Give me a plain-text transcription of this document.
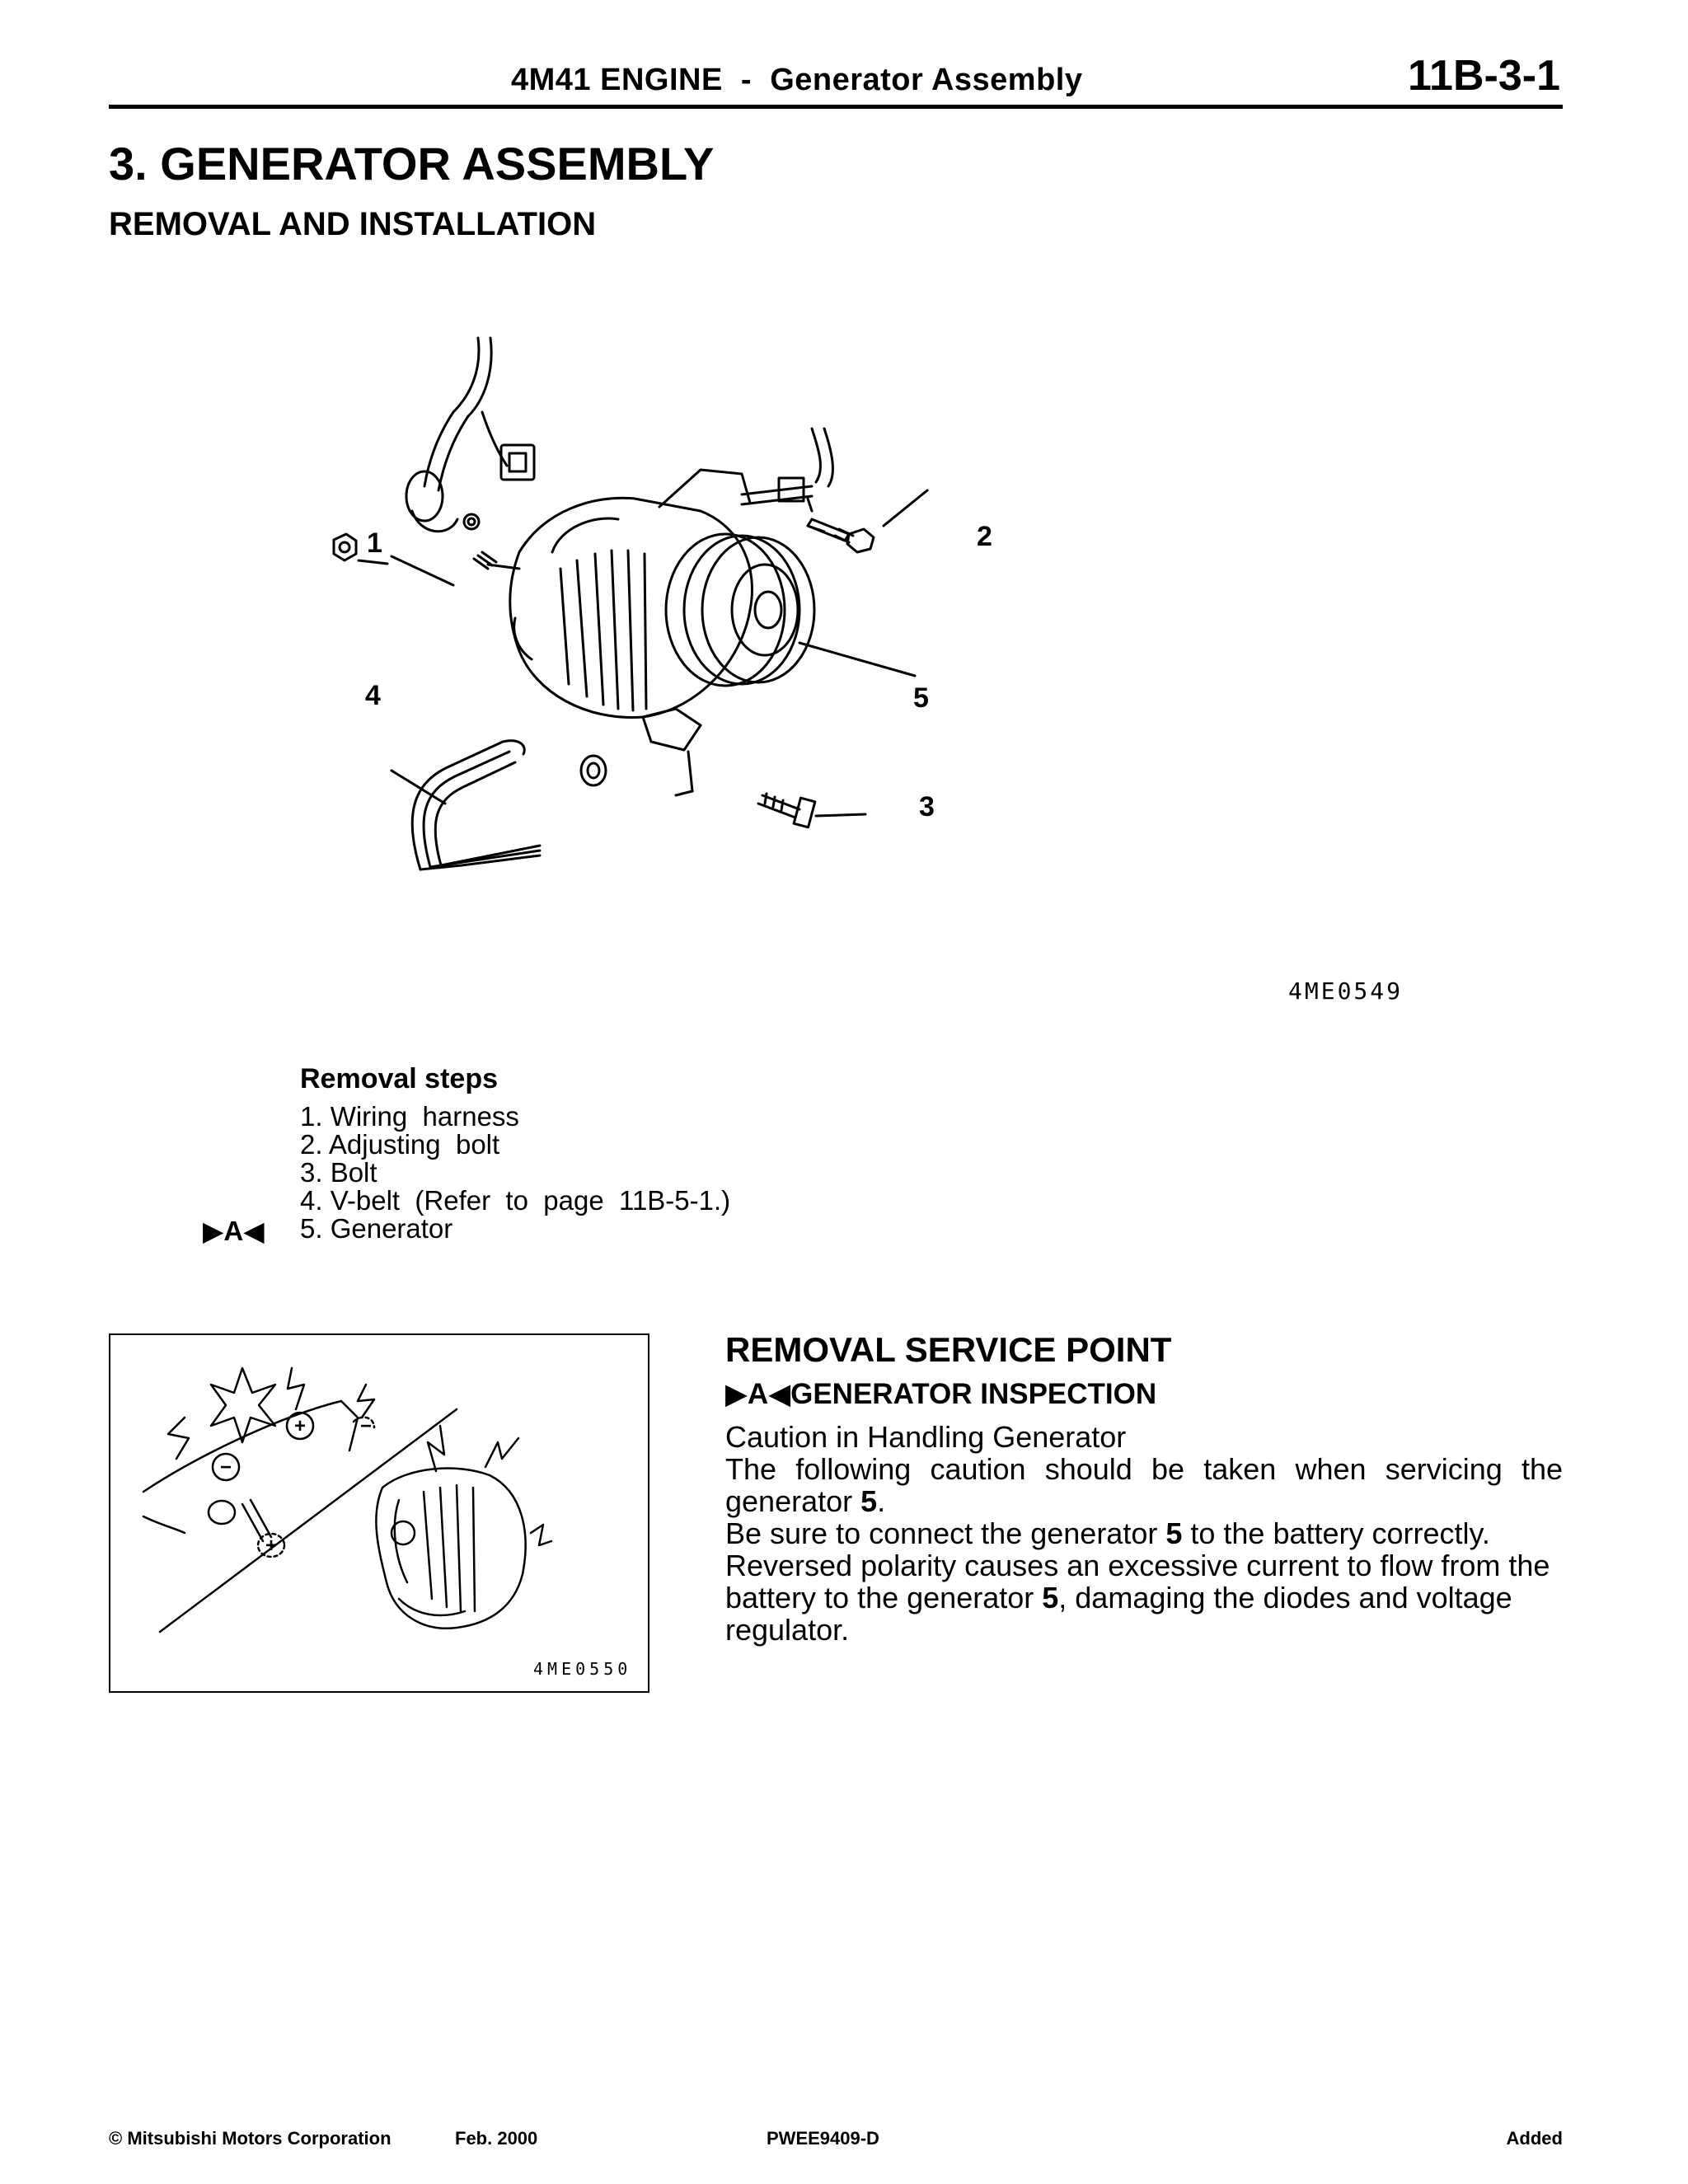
4M41 ENGINE  -  Generator Assembly	11B-3-1
3. GENERATOR ASSEMBLY
REMOVAL AND INSTALLATION
1	2
3
4	5
4ME0549
Removal steps
1. Wiring  harness
2. Adjusting  bolt
3. Bolt
4. V-belt  (Refer  to  page  11B-5-1.)
5. Generator
▶A◀
+
−
+
−
4ME0550
REMOVAL SERVICE POINT
▶A◀GENERATOR INSPECTION

Caution in Handling Generator

The following caution should be taken when servicing the generator 5.

Be sure to connect the generator 5 to the battery correctly. Reversed polarity causes an excessive current to flow from the battery to the generator 5, damaging the diodes and voltage regulator.

© Mitsubishi Motors Corporation	Feb. 2000	PWEE9409-D	Added
